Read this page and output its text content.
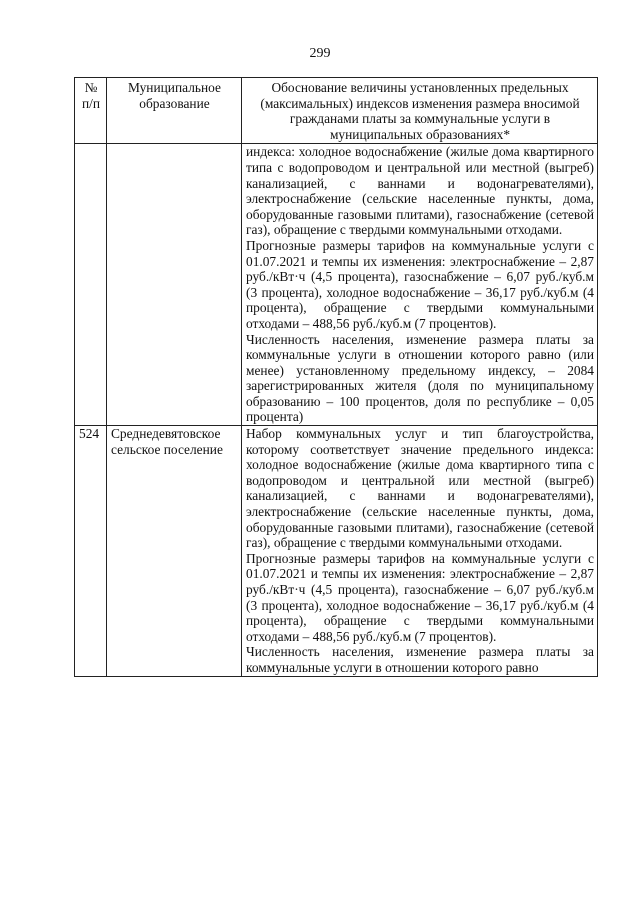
299
№ п/п	Муниципальное образование	Обоснование величины установленных предельных (максимальных) индексов изменения размера вносимой гражданами платы за коммунальные услуги в муниципальных образованиях*

		индекса: холодное водоснабжение (жилые дома квартирного типа с водопроводом и центральной или местной (выгреб) канализацией, с ваннами и водонагревателями), электроснабжение (сельские населенные пункты, дома, оборудованные газовыми плитами), газоснабжение (сетевой газ), обращение с твердыми коммунальными отходами.

Прогнозные размеры тарифов на коммунальные услуги с 01.07.2021 и темпы их изменения: электроснабжение – 2,87 руб./кВт·ч (4,5 процента), газоснабжение – 6,07 руб./куб.м (3 процента), холодное водоснабжение – 36,17 руб./куб.м (4 процента), обращение с твердыми коммунальными отходами – 488,56 руб./куб.м (7 процентов).

Численность населения, изменение размера платы за коммунальные услуги в отношении которого равно (или менее) установленному предельному индексу, – 2084 зарегистрированных жителя (доля по муниципальному образованию – 100 процентов, доля по республике – 0,05 процента)

524	Среднедевятовское сельское поселение	Набор коммунальных услуг и тип благоустройства, которому соответствует значение предельного индекса: холодное водоснабжение (жилые дома квартирного типа с водопроводом и центральной или местной (выгреб) канализацией, с ваннами и водонагревателями), электроснабжение (сельские населенные пункты, дома, оборудованные газовыми плитами), газоснабжение (сетевой газ), обращение с твердыми коммунальными отходами.

Прогнозные размеры тарифов на коммунальные услуги с 01.07.2021 и темпы их изменения: электроснабжение – 2,87 руб./кВт·ч (4,5 процента), газоснабжение – 6,07 руб./куб.м (3 процента), холодное водоснабжение – 36,17 руб./куб.м (4 процента), обращение с твердыми коммунальными отходами – 488,56 руб./куб.м (7 процентов).

Численность населения, изменение размера платы за коммунальные услуги в отношении которого равно
